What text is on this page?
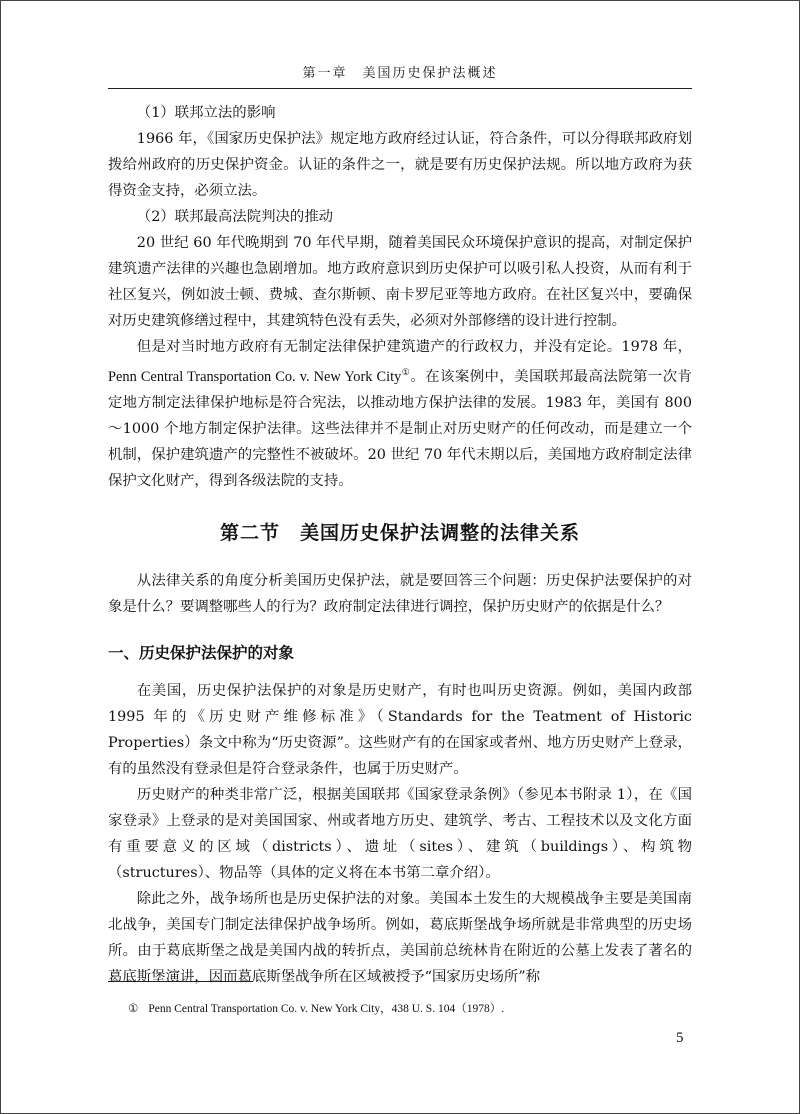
第一章　美国历史保护法概述
（1）联邦立法的影响

1966 年，《国家历史保护法》规定地方政府经过认证，符合条件，可以分得联邦政府划拨给州政府的历史保护资金。认证的条件之一，就是要有历史保护法规。所以地方政府为获得资金支持，必须立法。

（2）联邦最高法院判决的推动

20 世纪 60 年代晚期到 70 年代早期，随着美国民众环境保护意识的提高，对制定保护建筑遗产法律的兴趣也急剧增加。地方政府意识到历史保护可以吸引私人投资，从而有利于社区复兴，例如波士顿、费城、查尔斯顿、南卡罗尼亚等地方政府。在社区复兴中，要确保对历史建筑修缮过程中，其建筑特色没有丢失，必须对外部修缮的设计进行控制。

但是对当时地方政府有无制定法律保护建筑遗产的行政权力，并没有定论。1978 年，Penn Central Transportation Co. v. New York City①。在该案例中，美国联邦最高法院第一次肯定地方制定法律保护地标是符合宪法，以推动地方保护法律的发展。1983 年，美国有 800～1000 个地方制定保护法律。这些法律并不是制止对历史财产的任何改动，而是建立一个机制，保护建筑遗产的完整性不被破坏。20 世纪 70 年代末期以后，美国地方政府制定法律保护文化财产，得到各级法院的支持。

第二节　美国历史保护法调整的法律关系

从法律关系的角度分析美国历史保护法，就是要回答三个问题：历史保护法要保护的对象是什么？要调整哪些人的行为？政府制定法律进行调控，保护历史财产的依据是什么？

一、历史保护法保护的对象

在美国，历史保护法保护的对象是历史财产，有时也叫历史资源。例如，美国内政部 1995 年的《历史财产维修标准》（Standards for the Teatment of Historic Properties）条文中称为“历史资源”。这些财产有的在国家或者州、地方历史财产上登录，有的虽然没有登录但是符合登录条件，也属于历史财产。

历史财产的种类非常广泛，根据美国联邦《国家登录条例》（参见本书附录 1），在《国家登录》上登录的是对美国国家、州或者地方历史、建筑学、考古、工程技术以及文化方面有重要意义的区域（districts）、遗址（sites）、建筑（buildings）、构筑物（structures）、物品等（具体的定义将在本书第二章介绍）。

除此之外，战争场所也是历史保护法的对象。美国本土发生的大规模战争主要是美国南北战争，美国专门制定法律保护战争场所。例如，葛底斯堡战争场所就是非常典型的历史场所。由于葛底斯堡之战是美国内战的转折点，美国前总统林肯在附近的公墓上发表了著名的葛底斯堡演讲，因而葛底斯堡战争所在区域被授予“国家历史场所”称

① Penn Central Transportation Co. v. New York City，438 U. S. 104（1978）.
5
